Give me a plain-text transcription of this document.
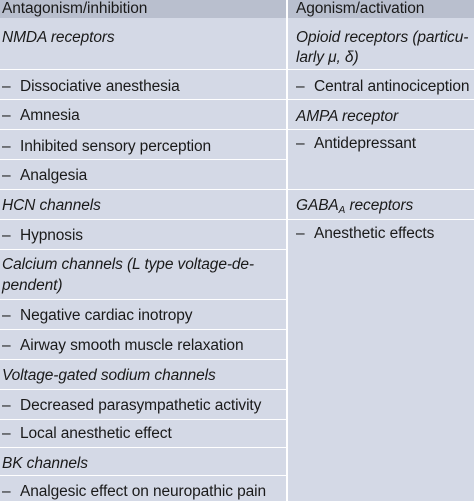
Antagonism/inhibition	Agonism/activation
NMDA receptors
– Dissociative anesthesia
– Amnesia
– Inhibited sensory perception
– Analgesia
HCN channels
– Hypnosis
Calcium channels (L type voltage-de-
pendent)
– Negative cardiac inotropy
– Airway smooth muscle relaxation
Voltage-gated sodium channels
– Decreased parasympathetic activity
– Local anesthetic effect
BK channels
– Analgesic effect on neuropathic pain
Opioid receptors (particu-
larly μ, δ)
– Central antinociception
AMPA receptor
– Antidepressant
$GABA_A$ receptors
– Anesthetic effects
